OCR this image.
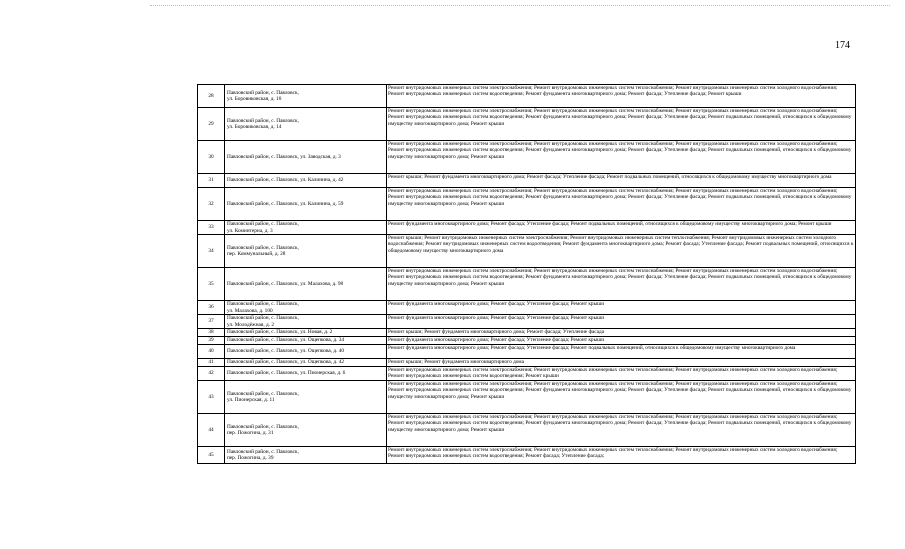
174
28	Павловский район, с. Павловск,
ул. Боровиковская, д. 10	Ремонт внутридомовых инженерных систем электроснабжения; Ремонт внутридомовых инженерных систем теплоснабжения; Ремонт внутридомовых инженерных систем холодного водоснабжения; Ремонт внутридомовых инженерных систем водоотведения; Ремонт фундамента многоквартирного дома; Ремонт фасада; Утепление фасада; Ремонт крыши
29	Павловский район, с. Павловск,
ул. Боровиковская, д. 14	Ремонт внутридомовых инженерных систем электроснабжения; Ремонт внутридомовых инженерных систем теплоснабжения; Ремонт внутридомовых инженерных систем холодного водоснабжения; Ремонт внутридомовых инженерных систем водоотведения; Ремонт фундамента многоквартирного дома; Ремонт фасада; Утепление фасада; Ремонт подвальных помещений, относящихся к общедомовому имуществу многоквартирного дома; Ремонт крыши
30	Павловский район, с. Павловск, ул. Заводская, д. 3	Ремонт внутридомовых инженерных систем электроснабжения; Ремонт внутридомовых инженерных систем теплоснабжения; Ремонт внутридомовых инженерных систем холодного водоснабжения; Ремонт внутридомовых инженерных систем водоотведения; Ремонт фундамента многоквартирного дома; Ремонт фасада; Утепление фасада; Ремонт подвальных помещений, относящихся к общедомовому имуществу многоквартирного дома; Ремонт крыши
31	Павловский район, с. Павловск, ул. Калинина, д. 42	Ремонт крыши; Ремонт фундамента многоквартирного дома; Ремонт фасада; Утепление фасада; Ремонт подвальных помещений, относящихся к общедомовому имуществу многоквартирного дома
32	Павловский район, с. Павловск, ул. Калинина, д. 59	Ремонт внутридомовых инженерных систем электроснабжения; Ремонт внутридомовых инженерных систем теплоснабжения; Ремонт внутридомовых инженерных систем холодного водоснабжения; Ремонт внутридомовых инженерных систем водоотведения; Ремонт фундамента многоквартирного дома; Ремонт фасада; Утепление фасада; Ремонт подвальных помещений, относящихся к общедомовому имуществу многоквартирного дома; Ремонт крыши
33	Павловский район, с. Павловск,
ул. Коминтерна, д. 3	Ремонт фундамента многоквартирного дома; Ремонт фасада; Утепление фасада; Ремонт подвальных помещений, относящихся к общедомовому имуществу многоквартирного дома; Ремонт крыши
34	Павловский район, с. Павловск,
пер. Коммунальный, д. 28	Ремонт крыши; Ремонт внутридомовых инженерных систем электроснабжения; Ремонт внутридомовых инженерных систем теплоснабжения; Ремонт внутридомовых инженерных систем холодного водоснабжения; Ремонт внутридомовых инженерных систем водоотведения; Ремонт фундамента многоквартирного дома; Ремонт фасада; Утепление фасада; Ремонт подвальных помещений, относящихся к общедомовому имуществу многоквартирного дома
35	Павловский район, с. Павловск, ул. Малахова, д. 98	Ремонт внутридомовых инженерных систем электроснабжения; Ремонт внутридомовых инженерных систем теплоснабжения; Ремонт внутридомовых инженерных систем холодного водоснабжения; Ремонт внутридомовых инженерных систем водоотведения; Ремонт фундамента многоквартирного дома; Ремонт фасада; Утепление фасада; Ремонт подвальных помещений, относящихся к общедомовому имуществу многоквартирного дома; Ремонт крыши
36	Павловский район, с. Павловск,
ул. Малахова, д. 100	Ремонт фундамента многоквартирного дома; Ремонт фасада; Утепление фасада; Ремонт крыши
37	Павловский район, с. Павловск,
ул. Молодёжная, д. 2	Ремонт фундамента многоквартирного дома; Ремонт фасада; Утепление фасада; Ремонт крыши
38	Павловский район, с. Павловск, ул. Новая, д. 2	Ремонт крыши; Ремонт фундамента многоквартирного дома; Ремонт фасада; Утепление фасада
39	Павловский район, с. Павловск, ул. Ощепкова, д. 34	Ремонт фундамента многоквартирного дома; Ремонт фасада; Утепление фасада; Ремонт крыши
40	Павловский район, с. Павловск, ул. Ощепкова, д. 40	Ремонт фундамента многоквартирного дома; Ремонт фасада; Утепление фасада; Ремонт подвальных помещений, относящихся к общедомовому имуществу многоквартирного дома
41	Павловский район, с. Павловск, ул. Ощепкова, д. 42	Ремонт крыши; Ремонт фундамента многоквартирного дома
42	Павловский район, с. Павловск, ул. Пионерская, д. 6	Ремонт внутридомовых инженерных систем электроснабжения; Ремонт внутридомовых инженерных систем теплоснабжения; Ремонт внутридомовых инженерных систем холодного водоснабжения; Ремонт внутридомовых инженерных систем водоотведения; Ремонт крыши
43	Павловский район, с. Павловск,
ул. Пионерская, д. 11	Ремонт внутридомовых инженерных систем электроснабжения; Ремонт внутридомовых инженерных систем теплоснабжения; Ремонт внутридомовых инженерных систем холодного водоснабжения; Ремонт внутридомовых инженерных систем водоотведения; Ремонт фундамента многоквартирного дома; Ремонт фасада; Утепление фасада; Ремонт подвальных помещений, относящихся к общедомовому имуществу многоквартирного дома; Ремонт крыши
44	Павловский район, с. Павловск,
пер. Пожогина, д. 31	Ремонт внутридомовых инженерных систем электроснабжения; Ремонт внутридомовых инженерных систем теплоснабжения; Ремонт внутридомовых инженерных систем холодного водоснабжения; Ремонт внутридомовых инженерных систем водоотведения; Ремонт фундамента многоквартирного дома; Ремонт фасада; Утепление фасада; Ремонт подвальных помещений, относящихся к общедомовому имуществу многоквартирного дома; Ремонт крыши
45	Павловский район, с. Павловск,
пер. Пожогина, д. 39	Ремонт внутридомовых инженерных систем электроснабжения; Ремонт внутридомовых инженерных систем теплоснабжения; Ремонт внутридомовых инженерных систем холодного водоснабжения; Ремонт внутридомовых инженерных систем водоотведения; Ремонт фасада; Утепление фасада;
